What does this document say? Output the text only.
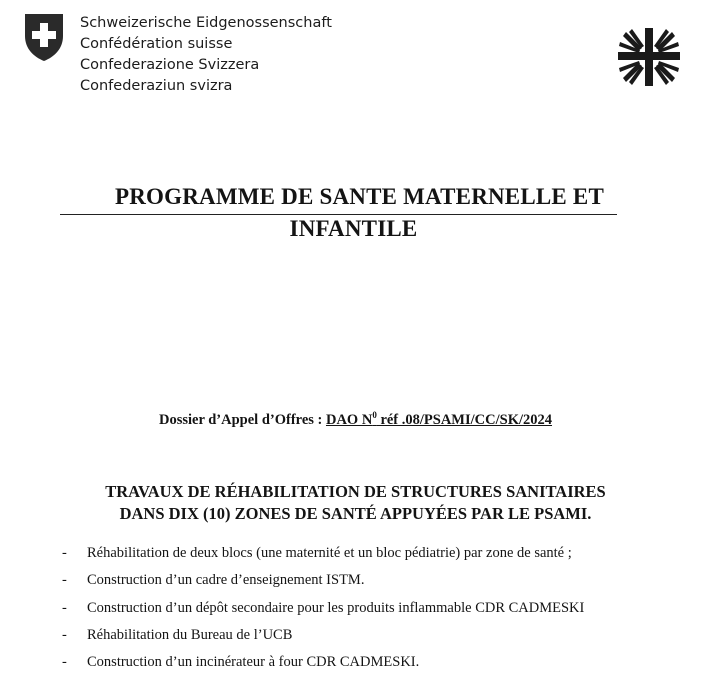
Schweizerische Eidgenossenschaft
Confédération suisse
Confederazione Svizzera
Confederaziun svizra
PROGRAMME DE SANTE MATERNELLE ET
INFANTILE
Dossier d’Appel d’Offres : DAO $N^0$ réf .08/PSAMI/CC/SK/2024
TRAVAUX DE RÉHABILITATION DE STRUCTURES SANITAIRES
DANS DIX (10) ZONES DE SANTÉ APPUYÉES PAR LE PSAMI.
- Réhabilitation de deux blocs (une maternité et un bloc pédiatrie) par zone de santé ;
- Construction d’un cadre d’enseignement ISTM.
- Construction d’un dépôt secondaire pour les produits inflammable CDR CADMESKI
- Réhabilitation du Bureau de l’UCB
- Construction d’un incinérateur à four CDR CADMESKI.
